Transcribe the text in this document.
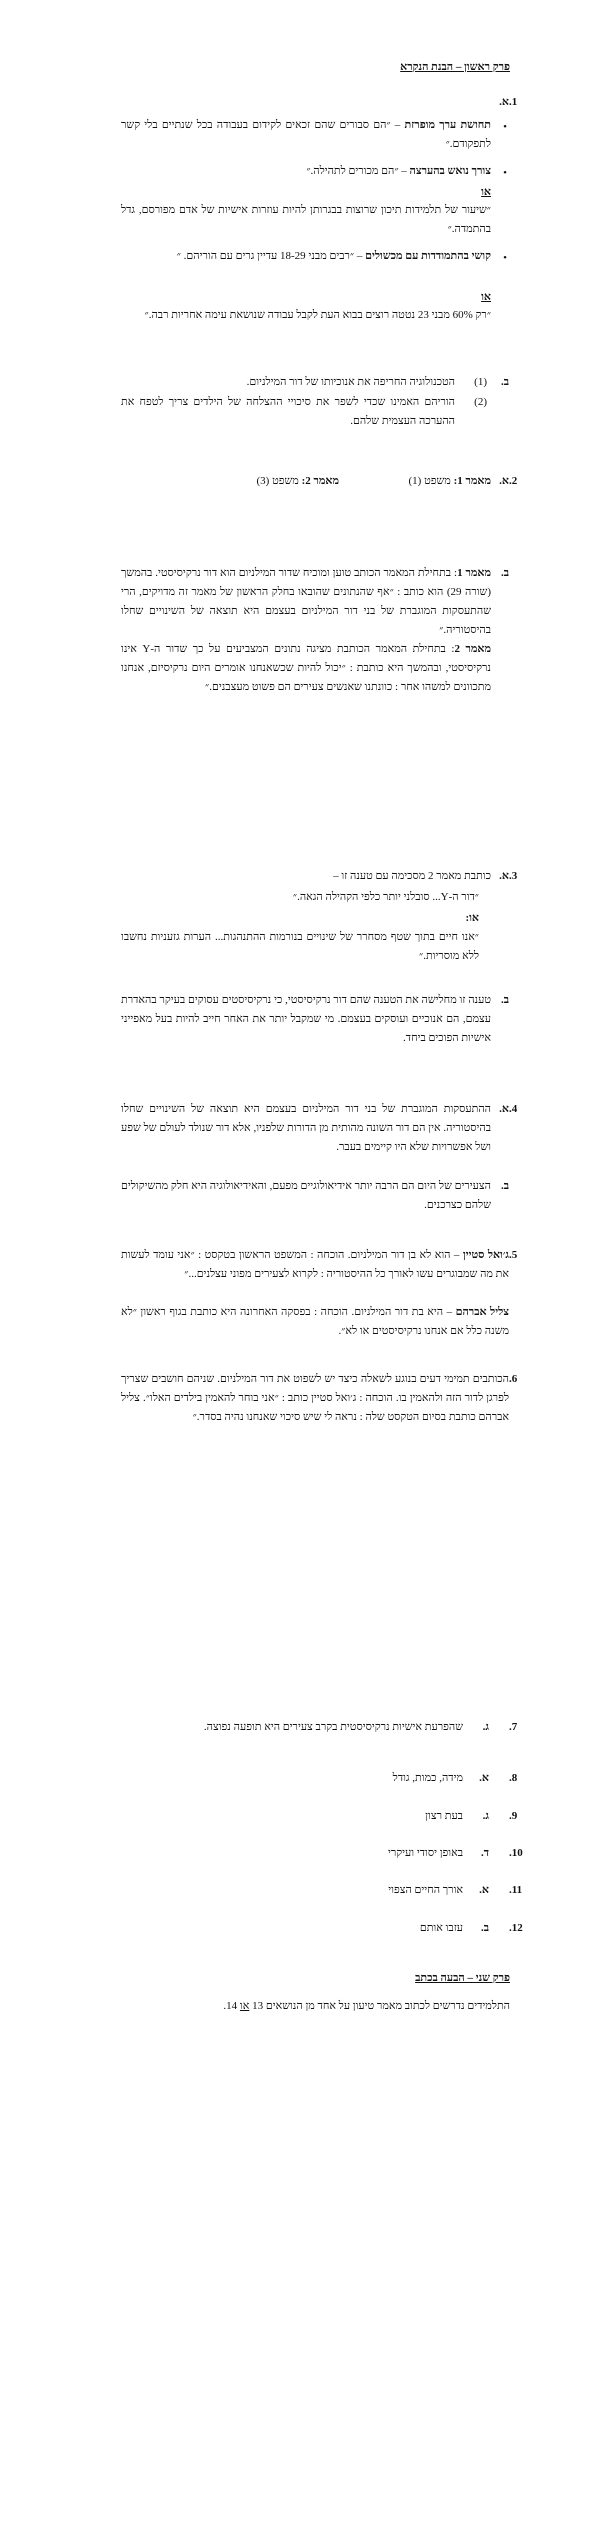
פרק ראשון – הבנת הנקרא
1.
א.
•
תחושת ערך מופרזת – ״הם סבורים שהם זכאים לקידום בעבודה בכל שנתיים בלי קשר לתפקודם.״
•
צורך נואש בהערצה – ״הם מכורים לתהילה.״
או
״שיעור של תלמידות תיכון שרוצות בבגרותן להיות עוזרות אישיות של אדם מפורסם, גדל בהתמדה.״
•
קושי בהתמודדות עם מכשולים – ״רבים מבני 18-29 עדיין גרים עם הוריהם. ״
או
״רק 60% מבני 23 נטטה רוצים בבוא העת לקבל עבודה שנושאת עימה אחריות רבה.״
ב.
(1)
הטכנולוגיה החריפה את אנוכיותו של דור המילניום.
(2)
הוריהם האמינו שכדי לשפר את סיכויי ההצלחה של הילדים צריך לטפח את ההערכה העצמית שלהם.
2.
א.
מאמר 1: משפט (1)
מאמר 2: משפט (3)
ב.
מאמר 1: בתחילת המאמר הכותב טוען ומוכיח שדור המילניום הוא דור נרקיסיסטי. בהמשך (שורה 29) הוא כותב : ״אף שהנתונים שהובאו בחלק הראשון של מאמר זה מדויקים, הרי שהתעסקות המוגברת של בני דור המילניום בעצמם היא תוצאה של השינויים שחלו בהיסטוריה.״
מאמר 2: בתחילת המאמר הכותבת מציגה נתונים המצביעים על כך שדור ה-Y אינו נרקיסיסטי, ובהמשך היא כותבת : ״יכול להיות שכשאנחנו אומרים היום נרקיסיזם, אנחנו מתכוונים למשהו אחר : כוונתנו שאנשים צעירים הם פשוט מעצבנים.״
3.
א.
כותבת מאמר 2 מסכימה עם טענה זו –
״דור ה-Y... סובלני יותר כלפי הקהילה הגאה.״
או:
״אנו חיים בתוך שטף מסחרר של שינויים בנורמות ההתנהגות... הערות גזעניות נחשבו ללא מוסריות.״
ב.
טענה זו מחלישה את הטענה שהם דור נרקיסיסטי, כי נרקיסיסטים עסוקים בעיקר בהאדרת עצמם, הם אנוכיים ועוסקים בעצמם. מי שמקבל יותר את האחר חייב להיות בעל מאפייני אישיות הפוכים ביחד.
4.
א.
ההתעסקות המוגברת של בני דור המילניום בעצמם היא תוצאה של השינויים שחלו בהיסטוריה. אין הם דור השונה מהותית מן הדורות שלפניו, אלא דור שנולד לעולם של שפע ושל אפשרויות שלא היו קיימים בעבר.
ב.
הצעירים של היום הם הרבה יותר אידיאולוגיים מפעם, והאידיאולוגיה היא חלק מהשיקולים שלהם כצרכנים.
5.
ג׳ואל סטיין – הוא לא בן דור המילניום. הוכחה : המשפט הראשון בטקסט : ״אני עומד לעשות את מה שמבוגרים עשו לאורך כל ההיסטוריה : לקרוא לצעירים מפוני עצלנים...״
צליל אברהם – היא בת דור המילניום. הוכחה : בפסקה האחרונה היא כותבת בגוף ראשון ״לא משנה כלל אם אנחנו נרקיסיסטים או לא״.
6.
הכותבים תמימי דעים בנוגע לשאלה כיצד יש לשפוט את דור המילניום. שניהם חושבים שצריך לפרגן לדור הזה ולהאמין בו. הוכחה : ג׳ואל סטיין כותב : ״אני בוחר להאמין בילדים האלו״. צליל אברהם כותבת בסיום הטקסט שלה : נראה לי שיש סיכוי שאנחנו נהיה בסדר.״
7.
ג.
שהפרעת אישיות נרקיסיסטית בקרב צעירים היא תופעה נפוצה.
8.
א.
מידה, כמות, גודל
9.
ג.
בעת רצון
10.
ד.
באופן יסודי ועיקרי
11.
א.
אורך החיים הצפוי
12.
ב.
עזבו אותם
פרק שני – הבעה בכתב
התלמידים נדרשים לכתוב מאמר טיעון על אחד מן הנושאים 13 או 14.
